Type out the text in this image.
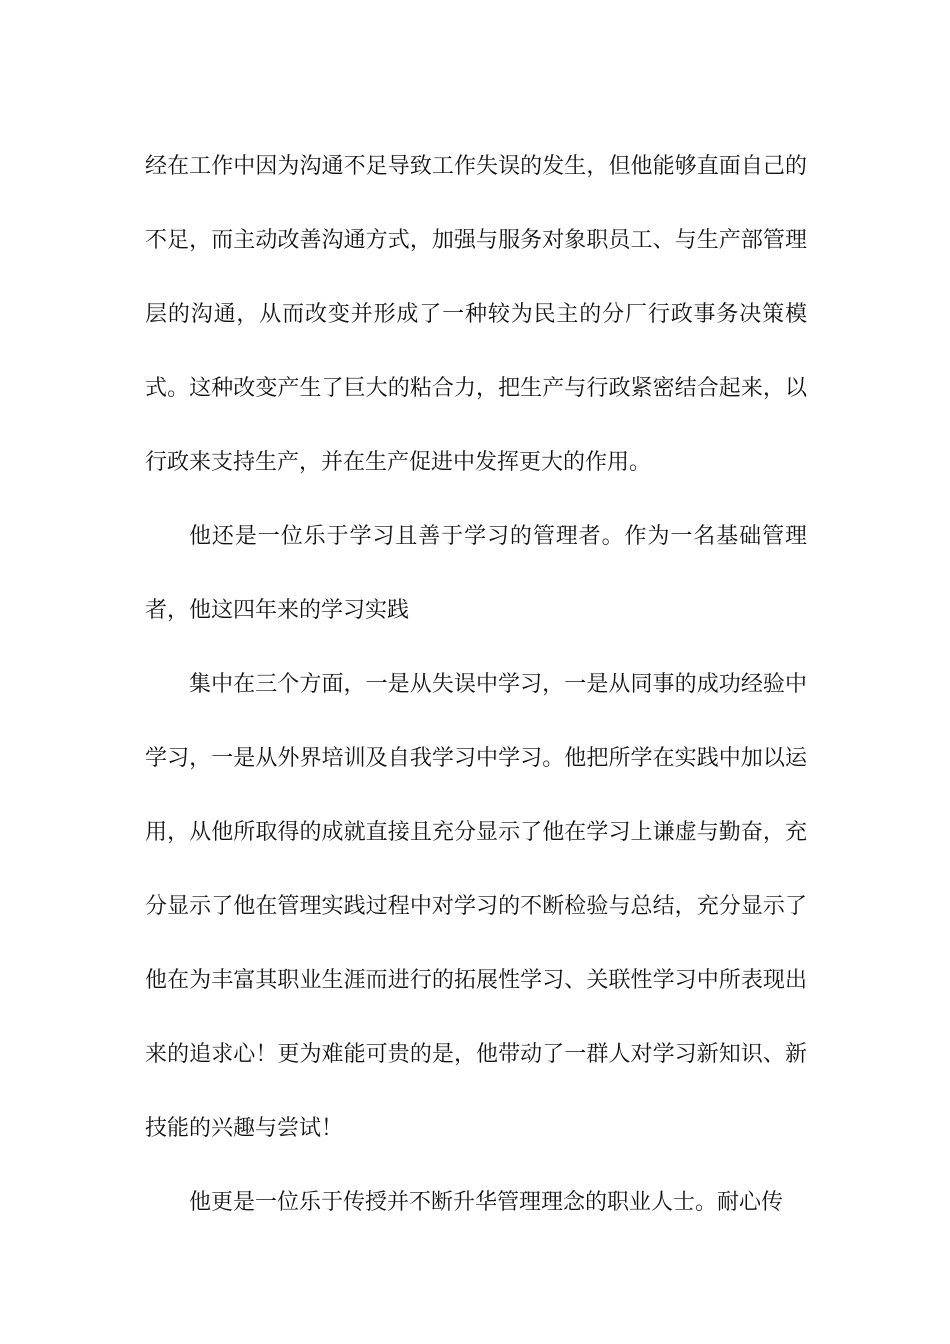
经在工作中因为沟通不足导致工作失误的发生，但他能够直面自己的不足，而主动改善沟通方式，加强与服务对象职员工、与生产部管理层的沟通，从而改变并形成了一种较为民主的分厂行政事务决策模式。这种改变产生了巨大的粘合力，把生产与行政紧密结合起来，以行政来支持生产，并在生产促进中发挥更大的作用。

他还是一位乐于学习且善于学习的管理者。作为一名基础管理者，他这四年来的学习实践

集中在三个方面，一是从失误中学习，一是从同事的成功经验中学习，一是从外界培训及自我学习中学习。他把所学在实践中加以运用，从他所取得的成就直接且充分显示了他在学习上谦虚与勤奋，充分显示了他在管理实践过程中对学习的不断检验与总结，充分显示了他在为丰富其职业生涯而进行的拓展性学习、关联性学习中所表现出来的追求心！更为难能可贵的是，他带动了一群人对学习新知识、新技能的兴趣与尝试！

他更是一位乐于传授并不断升华管理理念的职业人士。耐心传
